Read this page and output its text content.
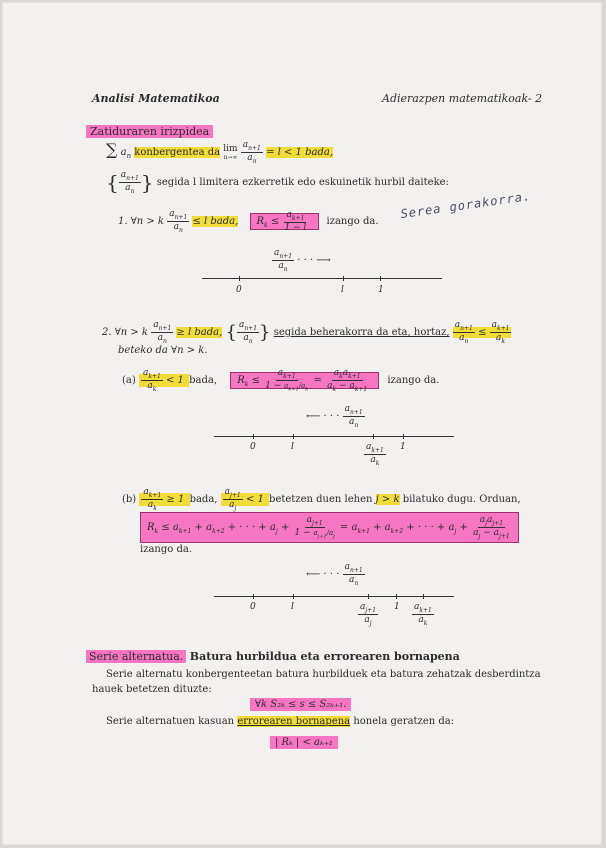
Analisi Matematikoa	Adierazpen matematikoak- 2
Zatiduraren irizpidea
∑ $a_n$ konbergentea da lim
n→∞
$\frac{a_{n+1}}{a_n} = l < 1$ bada,
{ $\frac{a_{n+1}}{a_n}$ } segida l limitera ezkerretik edo eskuinetik hurbil daiteke:
1. ∀n > k $\frac{a_{n+1}}{a_n} \le l$ bada, $R_k \le \frac{a_{k+1}}{1 - l}$ izango da.
Serea gorakorra.
$\frac{a_{n+1}}{a_n}$ · · · ⟶
0	l	1
2. ∀n > k $\frac{a_{n+1}}{a_n} \ge l$ bada, { $\frac{a_{n+1}}{a_n}$ } segida beherakorra da eta, hortaz, $\frac{a_{n+1}}{a_n} \le \frac{a_{k+1}}{a_k}$
beteko da ∀n > k.
$(a) \frac{a_{k+1}}{a_k} < 1$ bada, $R_k \le \frac{a_{k+1}}{1 - a_{k+1}/a_k} = \frac{a_ka_{k+1}}{a_k - a_{k+1}}$ izango da.
⟵ · · · $\frac{a_{n+1}}{a_n}$
0	l	$\frac{a_{k+1}}{a_k} 1$
$(b) \frac{a_{k+1}}{a_k} \ge 1$ bada, $\frac{a_{j+1}}{a_j} < 1$ betetzen duen lehen j > k bilatuko dugu. Orduan,
$R_k \le a_{k+1} + a_{k+2}$ + · · · + $a_j + \frac{a_{j+1}}{1 - a_{j+1}/a_j} = a_{k+1} + a_{k+2}$ + · · · + $a_j + \frac{a_ja_{j+1}}{a_j - a_{j+1}}$
izango da.
⟵ · · · $\frac{a_{n+1}}{a_n}$
0	l	$\frac{a_{j+1}}{a_j} 1 \frac{a_{k+1}}{a_k}$
Serie alternatua. Batura hurbildua eta errorearen bornapena
Serie alternatu konbergenteetan batura hurbilduek eta batura zehatzak desberdintza
hauek betetzen dituzte:
∀k S₂ₖ ≤ s ≤ S₂ₖ₊₁.
Serie alternatuen kasuan errorearen bornapena honela geratzen da:
| Rₖ | < aₖ₊₁
